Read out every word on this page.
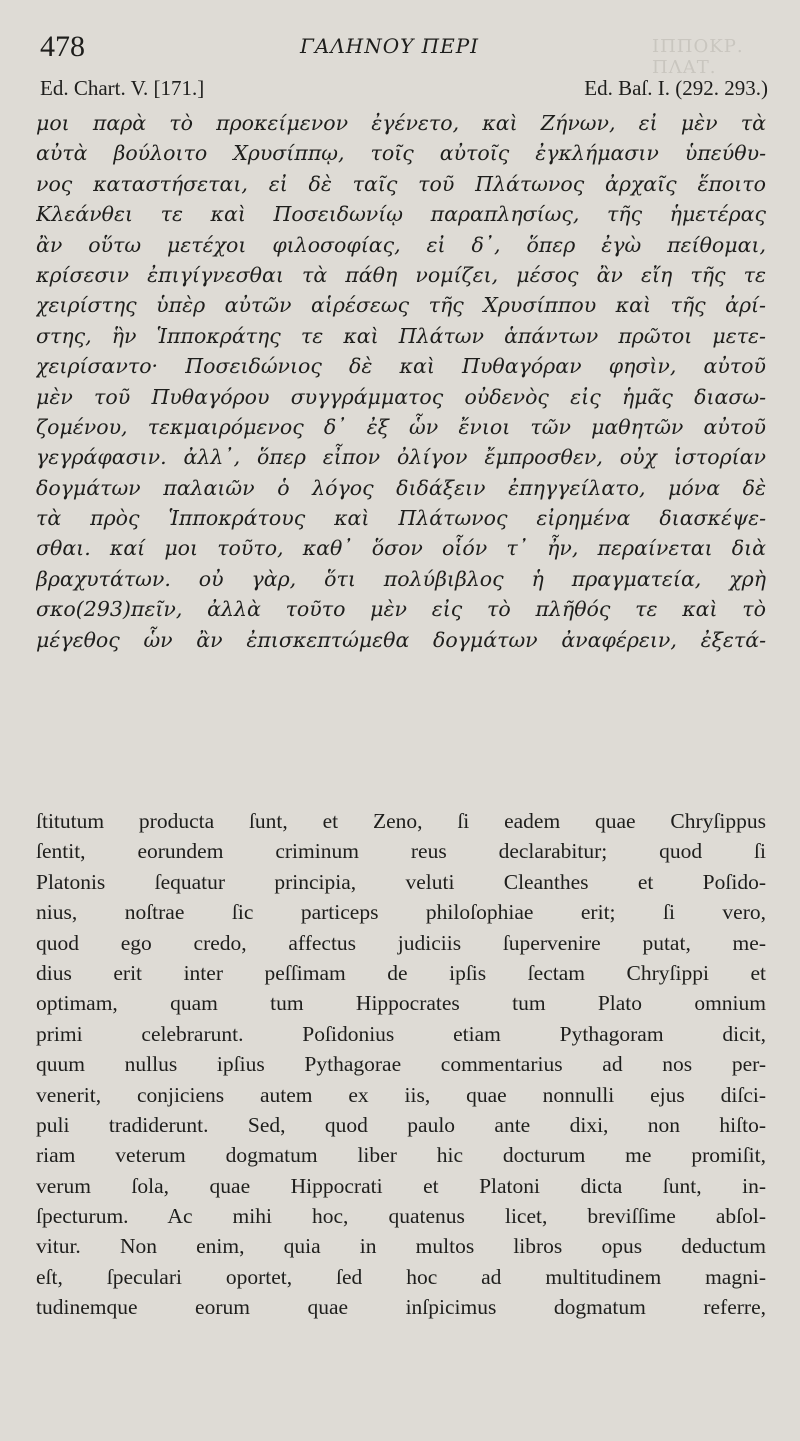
478	ΓΑΛΗΝΟΥ ΠΕΡΙ	ΙΠΠΟΚΡ. ΠΛΑΤ.
Ed. Chart. V. [171.]	Ed. Baſ. I. (292. 293.)
μοι παρὰ τὸ προκείμενον ἐγένετο, καὶ Ζήνων, εἰ μὲν τὰ
αὐτὰ βούλοιτο Χρυσίππῳ, τοῖς αὐτοῖς ἐγκλήμασιν ὑπεύθυ-
νος καταστήσεται, εἰ δὲ ταῖς τοῦ Πλάτωνος ἀρχαῖς ἕποιτο
Κλεάνθει τε καὶ Ποσειδωνίῳ παραπλησίως, τῆς ἡμετέρας
ἂν οὕτω μετέχοι φιλοσοφίας, εἰ δ᾽, ὅπερ ἐγὼ πείθομαι,
κρίσεσιν ἐπιγίγνεσθαι τὰ πάθη νομίζει, μέσος ἂν εἴη τῆς τε
χειρίστης ὑπὲρ αὐτῶν αἱρέσεως τῆς Χρυσίππου καὶ τῆς ἀρί-
στης, ἣν Ἱπποκράτης τε καὶ Πλάτων ἁπάντων πρῶτοι μετε-
χειρίσαντο· Ποσειδώνιος δὲ καὶ Πυθαγόραν φησὶν, αὐτοῦ
μὲν τοῦ Πυθαγόρου συγγράμματος οὐδενὸς εἰς ἡμᾶς διασω-
ζομένου, τεκμαιρόμενος δ᾽ ἐξ ὧν ἔνιοι τῶν μαθητῶν αὐτοῦ
γεγράφασιν. ἀλλ᾽, ὅπερ εἶπον ὀλίγον ἔμπροσθεν, οὐχ ἱστορίαν
δογμάτων παλαιῶν ὁ λόγος διδάξειν ἐπηγγείλατο, μόνα δὲ
τὰ πρὸς Ἱπποκράτους καὶ Πλάτωνος εἰρημένα διασκέψε-
σθαι. καί μοι τοῦτο, καθ᾽ ὅσον οἷόν τ᾽ ἦν, περαίνεται διὰ
βραχυτάτων. οὐ γὰρ, ὅτι πολύβιβλος ἡ πραγματεία, χρὴ
σκο(293)πεῖν, ἀλλὰ τοῦτο μὲν εἰς τὸ πλῆθός τε καὶ τὸ
μέγεθος ὧν ἂν ἐπισκεπτώμεθα δογμάτων ἀναφέρειν, ἐξετά-
ſtitutum producta ſunt, et Zeno, ſi eadem quae Chryſippus
ſentit, eorundem criminum reus declarabitur; quod ſi
Platonis ſequatur principia, veluti Cleanthes et Poſido-
nius, noſtrae ſic particeps philoſophiae erit; ſi vero,
quod ego credo, affectus judiciis ſupervenire putat, me-
dius erit inter peſſimam de ipſis ſectam Chryſippi et
optimam, quam tum Hippocrates tum Plato omnium
primi celebrarunt. Poſidonius etiam Pythagoram dicit,
quum nullus ipſius Pythagorae commentarius ad nos per-
venerit, conjiciens autem ex iis, quae nonnulli ejus diſci-
puli tradiderunt. Sed, quod paulo ante dixi, non hiſto-
riam veterum dogmatum liber hic docturum me promiſit,
verum ſola, quae Hippocrati et Platoni dicta ſunt, in-
ſpecturum. Ac mihi hoc, quatenus licet, breviſſime abſol-
vitur. Non enim, quia in multos libros opus deductum
eſt, ſpeculari oportet, ſed hoc ad multitudinem magni-
tudinemque eorum quae inſpicimus dogmatum referre,
